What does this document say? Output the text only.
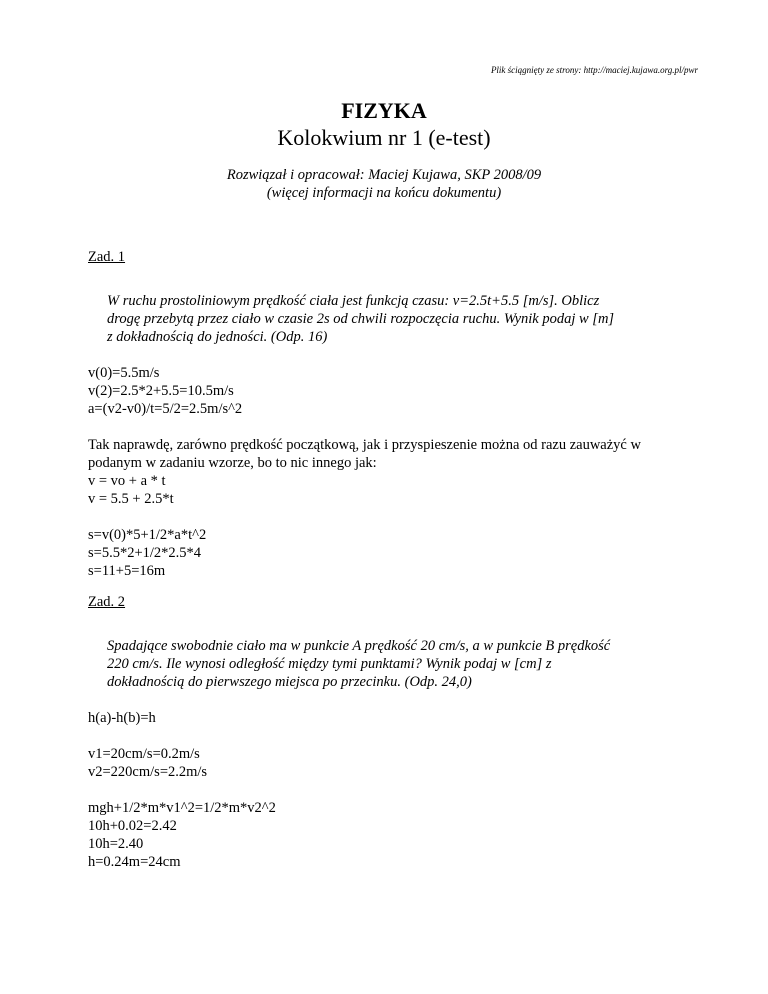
Plik ściągnięty ze strony: http://maciej.kujawa.org.pl/pwr
FIZYKA
Kolokwium nr 1 (e-test)
Rozwiązał i opracował: Maciej Kujawa, SKP 2008/09
(więcej informacji na końcu dokumentu)
Zad. 1
W ruchu prostoliniowym prędkość ciała jest funkcją czasu: v=2.5t+5.5 [m/s]. Oblicz
drogę przebytą przez ciało w czasie 2s od chwili rozpoczęcia ruchu. Wynik podaj w [m]
z dokładnością do jedności. (Odp. 16)
v(0)=5.5m/s
v(2)=2.5*2+5.5=10.5m/s
a=(v2-v0)/t=5/2=2.5m/s^2
Tak naprawdę, zarówno prędkość początkową, jak i przyspieszenie można od razu zauważyć w
podanym w zadaniu wzorze, bo to nic innego jak:
v = vo + a * t
v = 5.5 + 2.5*t
s=v(0)*5+1/2*a*t^2
s=5.5*2+1/2*2.5*4
s=11+5=16m
Zad. 2
Spadające swobodnie ciało ma w punkcie A prędkość 20 cm/s, a w punkcie B prędkość
220 cm/s. Ile wynosi odległość między tymi punktami? Wynik podaj w [cm] z
dokładnością do pierwszego miejsca po przecinku. (Odp. 24,0)
h(a)-h(b)=h
v1=20cm/s=0.2m/s
v2=220cm/s=2.2m/s
mgh+1/2*m*v1^2=1/2*m*v2^2
10h+0.02=2.42
10h=2.40
h=0.24m=24cm
